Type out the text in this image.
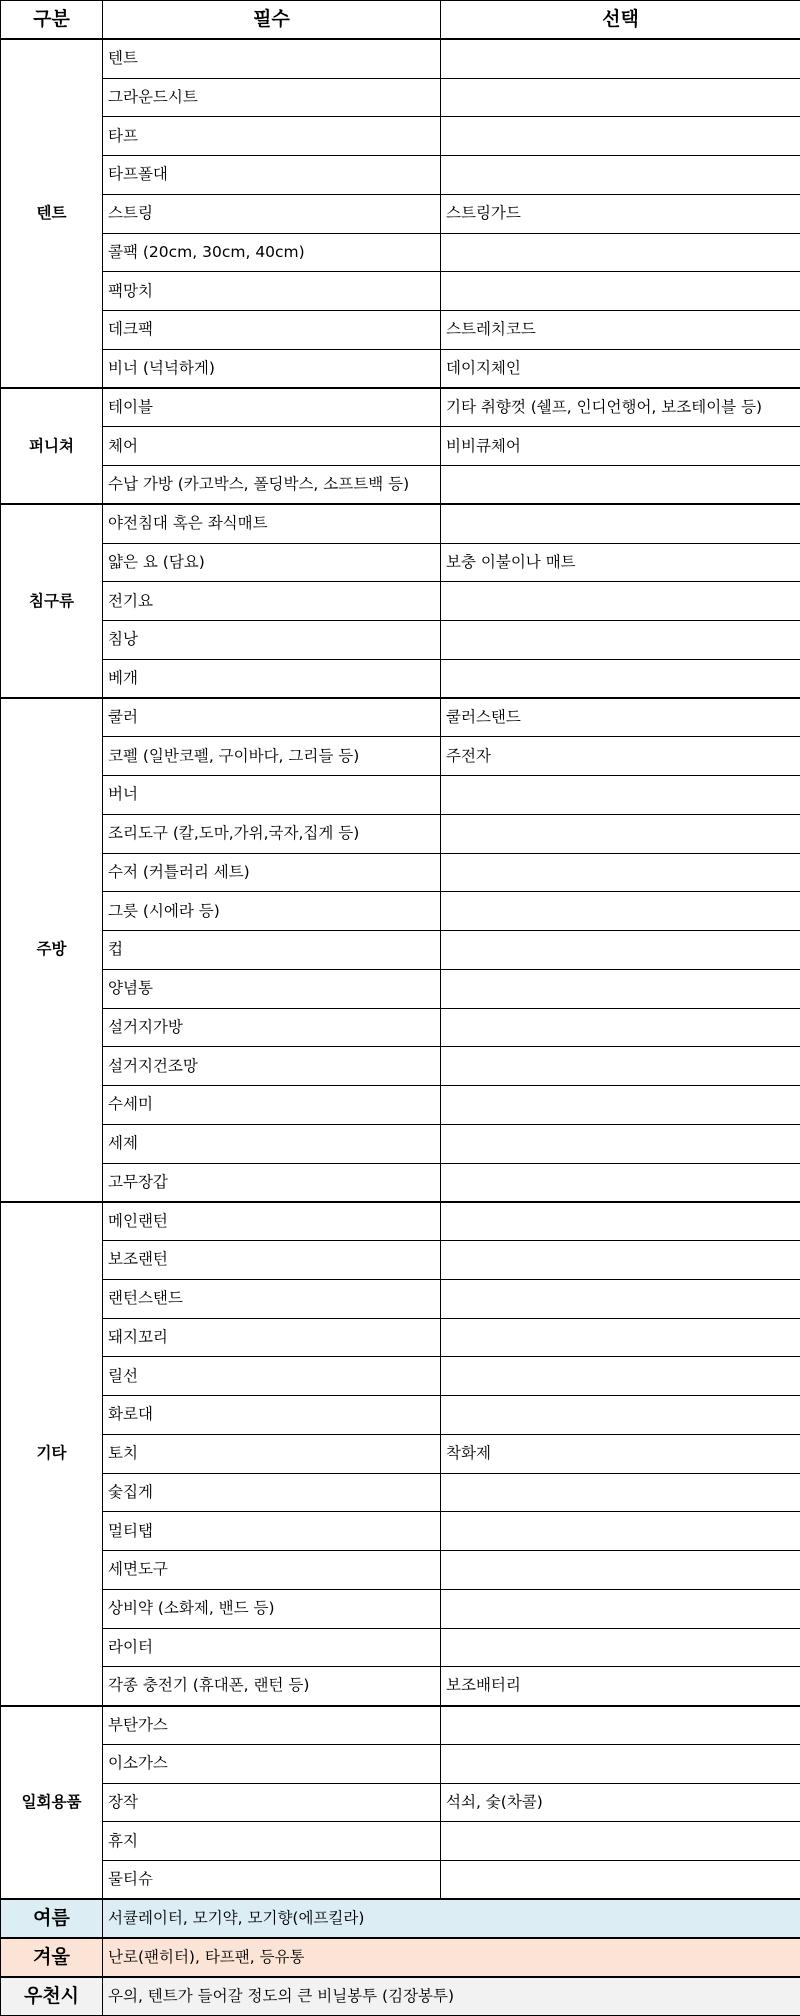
구분	필수	선택
텐트	텐트	
	그라운드시트	
	타프	
	타프폴대	
	스트링	스트링가드
	콜팩 (20cm, 30cm, 40cm)	
	팩망치	
	데크팩	스트레치코드
	비너 (넉넉하게)	데이지체인
퍼니쳐	테이블	기타 취향껏 (쉘프, 인디언행어, 보조테이블 등)
	체어	비비큐체어
	수납 가방 (카고박스, 폴딩박스, 소프트백 등)	
침구류	야전침대 혹은 좌식매트	
	얇은 요 (담요)	보충 이불이나 매트
	전기요	
	침낭	
	베개	
주방	쿨러	쿨러스탠드
	코펠 (일반코펠, 구이바다, 그리들 등)	주전자
	버너	
	조리도구 (칼,도마,가위,국자,집게 등)	
	수저 (커틀러리 세트)	
	그릇 (시에라 등)	
	컵	
	양념통	
	설거지가방	
	설거지건조망	
	수세미	
	세제	
	고무장갑	
기타	메인랜턴	
	보조랜턴	
	랜턴스탠드	
	돼지꼬리	
	릴선	
	화로대	
	토치	착화제
	숯집게	
	멀티탭	
	세면도구	
	상비약 (소화제, 밴드 등)	
	라이터	
	각종 충전기 (휴대폰, 랜턴 등)	보조배터리
일회용품	부탄가스	
	이소가스	
	장작	석쇠, 숯(차콜)
	휴지	
	물티슈	
여름	서큘레이터, 모기약, 모기향(에프킬라)	
겨울	난로(팬히터), 타프팬, 등유통	
우천시	우의, 텐트가 들어갈 정도의 큰 비닐봉투 (김장봉투)	
